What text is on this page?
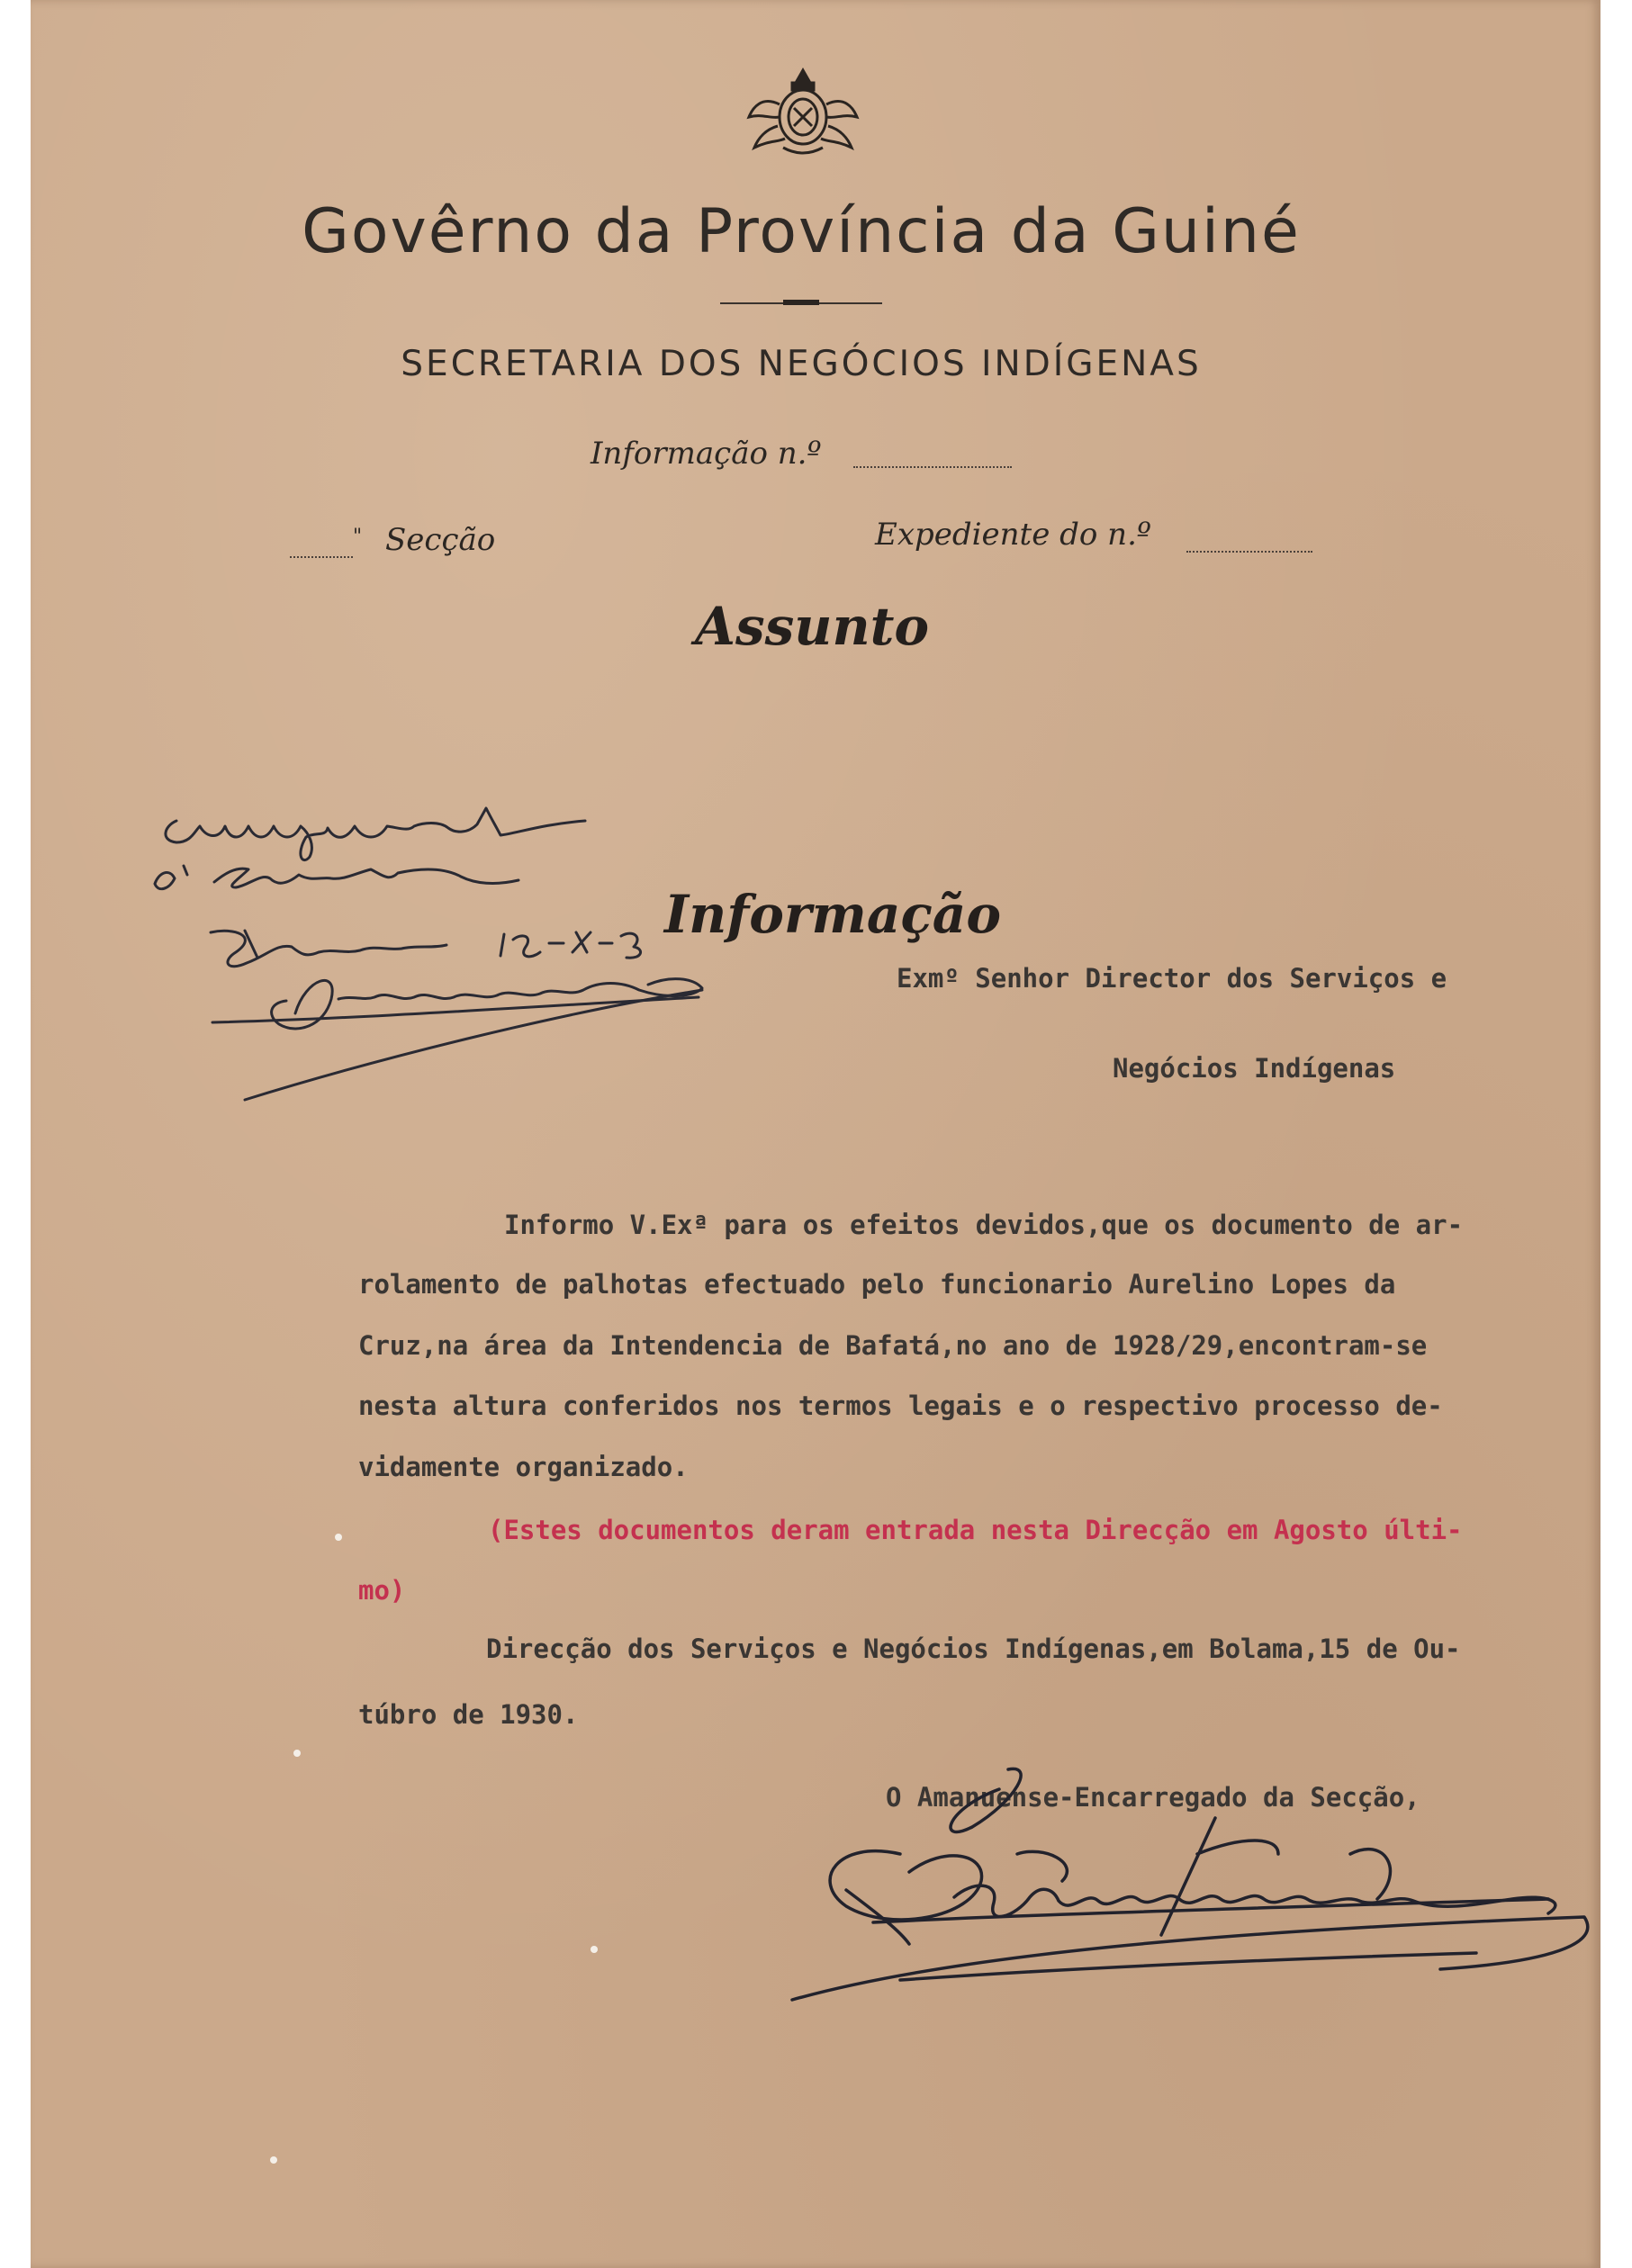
Govêrno da Província da Guiné
SECRETARIA DOS NEGÓCIOS INDÍGENAS
Informação n.º
" Secção	Expediente do n.º
Assunto
Informação
Exmº Senhor Director dos Serviços e
Negócios Indígenas
Informo V.Exª para os efeitos devidos,que os documento de ar-
rolamento de palhotas efectuado pelo funcionario Aurelino Lopes da
Cruz,na área da Intendencia de Bafatá,no ano de 1928/29,encontram-se
nesta altura conferidos nos termos legais e o respectivo processo de-
vidamente organizado.
(Estes documentos deram entrada nesta Direcção em Agosto últi-
mo)
Direcção dos Serviços e Negócios Indígenas,em Bolama,15 de Ou-
túbro de 1930.
O Amanuense-Encarregado da Secção,
